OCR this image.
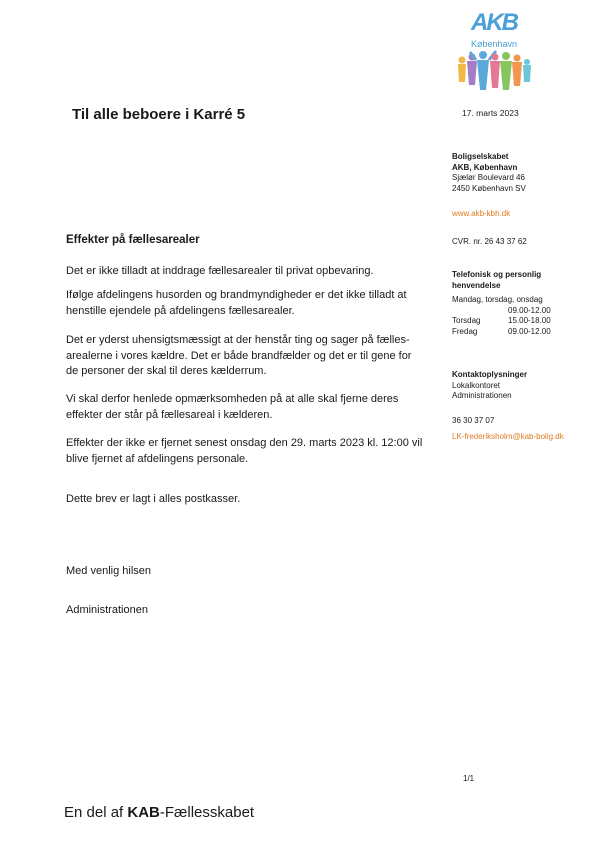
AKB
København
Til alle beboere i Karré 5	17. marts 2023
Boligselskabet
AKB, København
Sjælør Boulevard 46
2450 København SV
www.akb-kbh.dk
CVR. nr. 26 43 37 62
Telefonisk og personlig
henvendelse
Mandag, torsdag, onsdag
09.00-12.00
Torsdag	15.00-18.00
Fredag	09.00-12.00
Kontaktoplysninger
Lokalkontoret
Administrationen
36 30 37 07
LK-frederiksholm@kab-bolig.dk
Effekter på fællesarealer
Det er ikke tilladt at inddrage fællesarealer til privat opbevaring.
Ifølge afdelingens husorden og brandmyndigheder er det ikke tilladt at henstille ejendele på afdelingens fællesarealer.
Det er yderst uhensigtsmæssigt at der henstår ting og sager på fælles-arealerne i vores kældre. Det er både brandfælder og det er til gene for de personer der skal til deres kælderrum.
Vi skal derfor henlede opmærksomheden på at alle skal fjerne deres effekter der står på fællesareal i kælderen.
Effekter der ikke er fjernet senest onsdag den 29. marts 2023 kl. 12:00 vil blive fjernet af afdelingens personale.
Dette brev er lagt i alles postkasser.
Med venlig hilsen
Administrationen
1/1
En del af KAB-Fællesskabet
